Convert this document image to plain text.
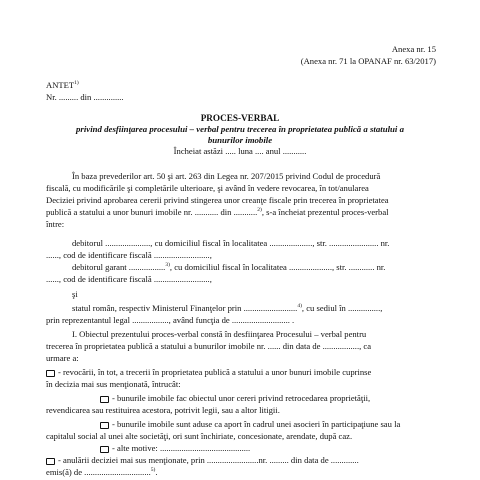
Anexa nr. 15
(Anexa nr. 71 la OPANAF nr. 63/2017)
ANTET$^{1)}$
Nr. ......... din ..............
PROCES-VERBAL
privind desfiinţarea procesului – verbal pentru trecerea în proprietatea publică a statului a
bunurilor imobile
Încheiat astăzi ..... luna .... anul ...........
În baza prevederilor art. 50 şi art. 263 din Legea nr. 207/2015 privind Codul de procedură
fiscală, cu modificările şi completările ulterioare, şi având în vedere revocarea, în tot/anularea
Deciziei privind aprobarea cererii privind stingerea unor creanţe fiscale prin trecerea în proprietatea
publică a statului a unor bunuri imobile nr. ........... din ...........$^{2)}$, s-a încheiat prezentul proces-verbal
între:
debitorul ....................., cu domiciliul fiscal în localitatea ...................., str. ....................... nr.
......, cod de identificare fiscală ..........................,
debitorul garant .................$^{3)}$, cu domiciliul fiscal în localitatea ...................., str. ............ nr.
......, cod de identificare fiscală ..........................,
şi
statul român, respectiv Ministerul Finanţelor prin .........................$^{4)}$, cu sediul în ...............,
prin reprezentantul legal ................., având funcţia de ........................... .
I. Obiectul prezentului proces-verbal constă în desfiinţarea Procesului – verbal pentru
trecerea în proprietatea publică a statului a bunurilor imobile nr. ...... din data de ................., ca
urmare a:
- revocării, în tot, a trecerii în proprietatea publică a statului a unor bunuri imobile cuprinse
în decizia mai sus menţionată, întrucât:
- bunurile imobile fac obiectul unor cereri privind retrocedarea proprietăţii,
revendicarea sau restituirea acestora, potrivit legii, sau a altor litigii.
- bunurile imobile sunt aduse ca aport în cadrul unei asocieri în participaţiune sau la
capitalul social al unei alte societăţi, ori sunt închiriate, concesionate, arendate, după caz.
- alte motive: ..........................................
- anulării deciziei mai sus menţionate, prin ........................nr. ......... din data de .............
emis(ă) de ...............................$^{5)}$.
